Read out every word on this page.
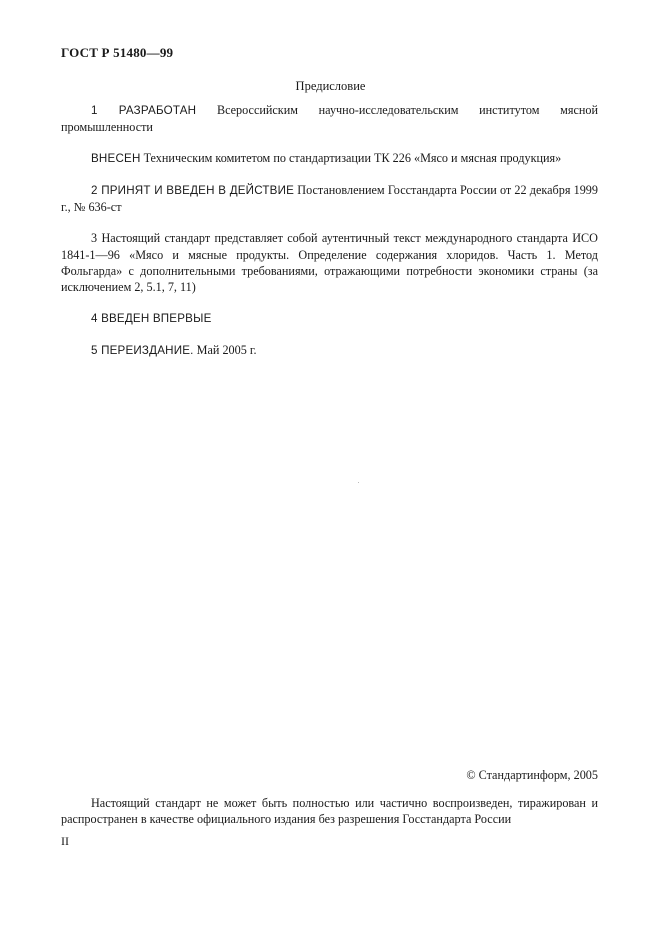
ГОСТ Р 51480—99
Предисловие

1 РАЗРАБОТАН Всероссийским научно-исследовательским институтом мясной промышленности

ВНЕСЕН Техническим комитетом по стандартизации ТК 226 «Мясо и мясная продукция»

2 ПРИНЯТ И ВВЕДЕН В ДЕЙСТВИЕ Постановлением Госстандарта России от 22 декабря 1999 г., № 636-ст

3 Настоящий стандарт представляет собой аутентичный текст международного стандарта ИСО 1841-1—96 «Мясо и мясные продукты. Определение содержания хлоридов. Часть 1. Метод Фольгарда» с дополнительными требованиями, отражающими потребности экономики страны (за исключением 2, 5.1, 7, 11)

4 ВВЕДЕН ВПЕРВЫЕ

5 ПЕРЕИЗДАНИЕ. Май 2005 г.

© Стандартинформ, 2005
Настоящий стандарт не может быть полностью или частично воспроизведен, тиражирован и распространен в качестве официального издания без разрешения Госстандарта России
II
